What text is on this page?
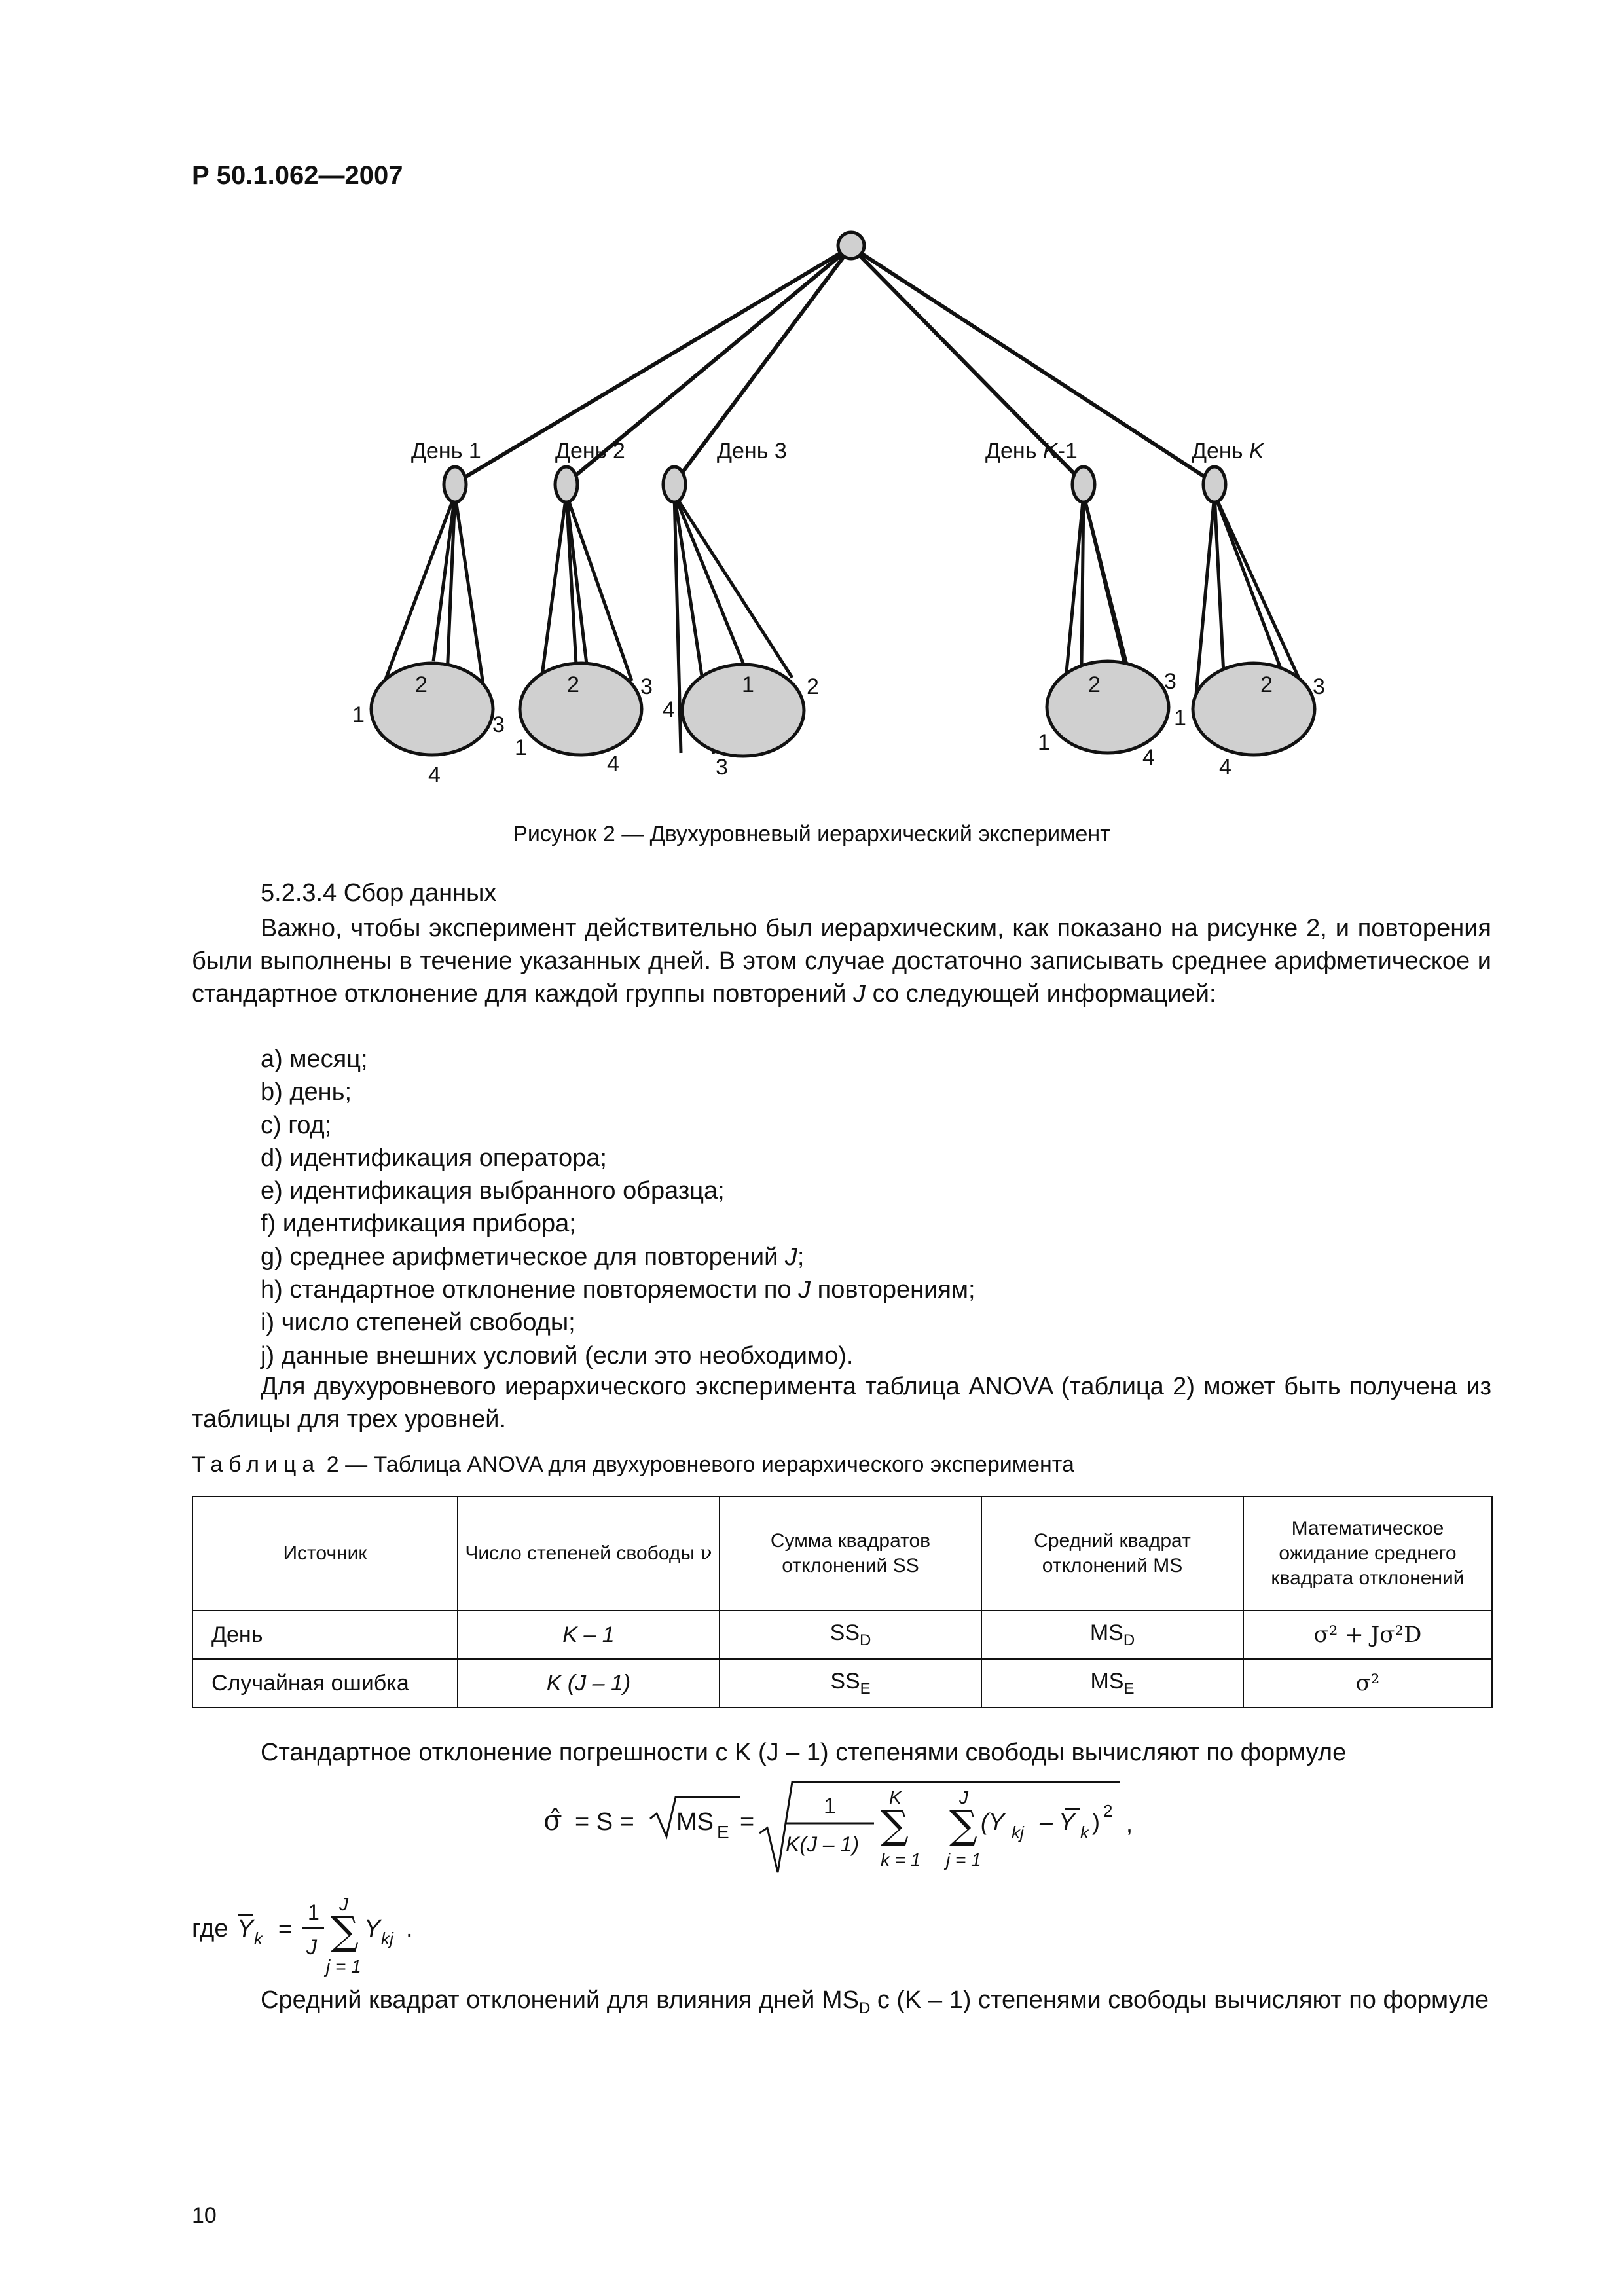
Р 50.1.062—2007
День 1	День 2	День 3	День K-1	День K
2
1	3
4
2	3
1
4
1 2
4
3
2	3
1
4
2 3
1
4
Рисунок 2 — Двухуровневый иерархический эксперимент
5.2.3.4 Сбор данных
Важно, чтобы эксперимент действительно был иерархическим, как показано на рисунке 2, и повторения были выполнены в течение указанных дней. В этом случае достаточно записывать среднее арифметическое и стандартное отклонение для каждой группы повторений J со следующей информацией:
a) месяц;
b) день;
c) год;
d) идентификация оператора;
e) идентификация выбранного образца;
f) идентификация прибора;
g) среднее арифметическое для повторений J;
h) стандартное отклонение повторяемости по J повторениям;
i) число степеней свободы;
j) данные внешних условий (если это необходимо).
Для двухуровневого иерархического эксперимента таблица ANOVA (таблица 2) может быть получена из таблицы для трех уровней.
Таблица 2 — Таблица ANOVA для двухуровневого иерархического эксперимента
Источник	Число степеней свободы ν	Сумма квадратов отклонений SS	Средний квадрат отклонений MS	Математическое ожидание среднего квадрата отклонений
День	K – 1	$SS_D$	$MS_D$	σ² + Jσ²D
Случайная ошибка	K (J – 1)	$SS_E$	$MS_E$	σ²
Стандартное отклонение погрешности с K (J – 1) степенями свободы вычисляют по формуле
σ̂ = S = MS E =
1
K(J – 1)
K
∑
k = 1
J
∑
j = 1
(Y kj – Y k ) 2 ,
где Y k =
1
J
J
∑
j = 1
Y kj .
Средний квадрат отклонений для влияния дней $MS_D$ с (K – 1) степенями свободы вычисляют по формуле
10
